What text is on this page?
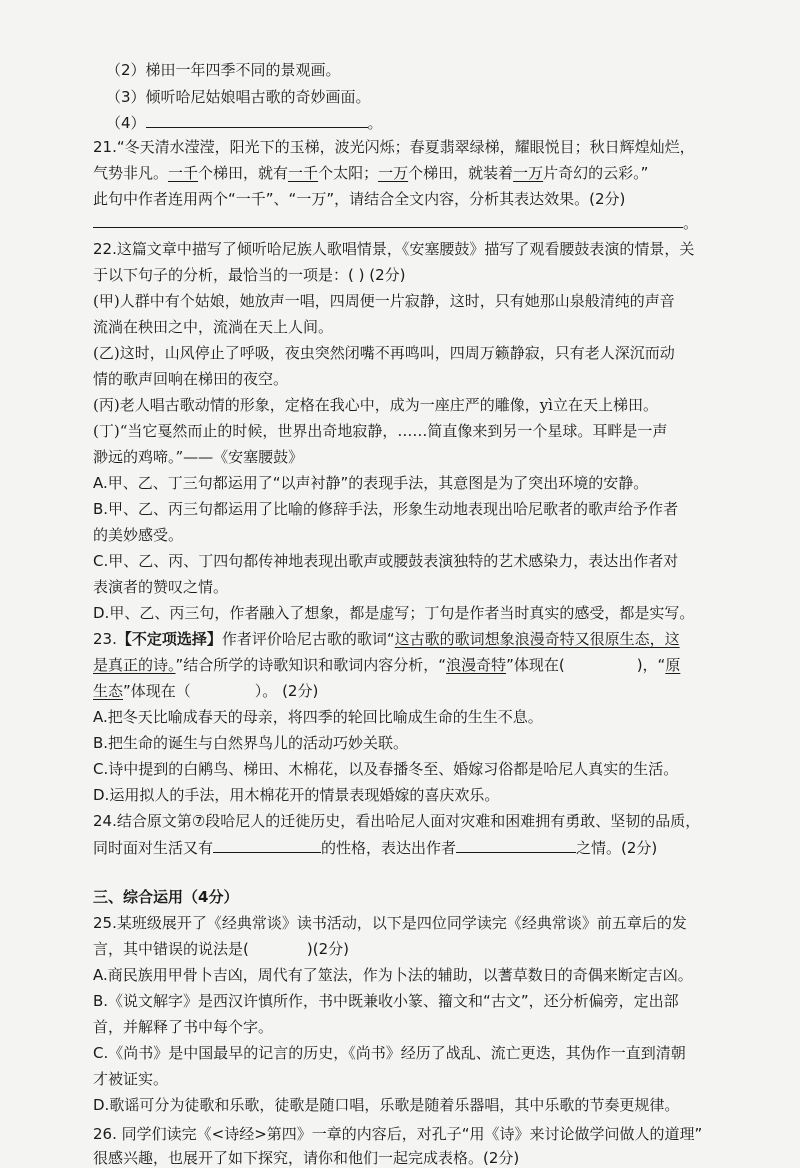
（2）梯田一年四季不同的景观画。
（3）倾听哈尼姑娘唱古歌的奇妙画面。
（4）	。
21.“冬天清水滢滢，阳光下的玉梯，波光闪烁；春夏翡翠绿梯，耀眼悦目；秋日辉煌灿烂，
气势非凡。一千个梯田，就有一千个太阳；一万个梯田，就装着一万片奇幻的云彩。”
此句中作者连用两个“一千”、“一万”，请结合全文内容，分析其表达效果。(2分)
。
22.这篇文章中描写了倾听哈尼族人歌唱情景，《安塞腰鼓》描写了观看腰鼓表演的情景，关
于以下句子的分析，最恰当的一项是：( ) (2分)
(甲)人群中有个姑娘，她放声一唱，四周便一片寂静，这时，只有她那山泉般清纯的声音
流淌在秧田之中，流淌在天上人间。
(乙)这时，山风停止了呼吸，夜虫突然闭嘴不再鸣叫，四周万籁静寂，只有老人深沉而动
情的歌声回响在梯田的夜空。
(丙)老人唱古歌动情的形象，定格在我心中，成为一座庄严的雕像，yì立在天上梯田。
(丁)“当它戛然而止的时候，世界出奇地寂静，……简直像来到另一个星球。耳畔是一声
渺远的鸡啼。”——《安塞腰鼓》
A.甲、乙、丁三句都运用了“以声衬静”的表现手法，其意图是为了突出环境的安静。
B.甲、乙、丙三句都运用了比喻的修辞手法，形象生动地表现出哈尼歌者的歌声给予作者
的美妙感受。
C.甲、乙、丙、丁四句都传神地表现出歌声或腰鼓表演独特的艺术感染力，表达出作者对
表演者的赞叹之情。
D.甲、乙、丙三句，作者融入了想象，都是虚写；丁句是作者当时真实的感受，都是实写。
23.【不定项选择】作者评价哈尼古歌的歌词“这古歌的歌词想象浪漫奇特又很原生态，这
是真正的诗。”结合所学的诗歌知识和歌词内容分析，“浪漫奇特”体现在(	)，“原
生态”体现在（	）。 (2分)
A.把冬天比喻成春天的母亲，将四季的轮回比喻成生命的生生不息。
B.把生命的诞生与白然界鸟儿的活动巧妙关联。
C.诗中提到的白鹇鸟、梯田、木棉花，以及春播冬至、婚嫁习俗都是哈尼人真实的生活。
D.运用拟人的手法，用木棉花开的情景表现婚嫁的喜庆欢乐。
24.结合原文第⑦段哈尼人的迁徙历史，看出哈尼人面对灾难和困难拥有勇敢、坚韧的品质，
同时面对生活又有	的性格，表达出作者	之情。(2分)
三、综合运用（4分）
25.某班级展开了《经典常谈》读书活动，以下是四位同学读完《经典常谈》前五章后的发
言，其中错误的说法是(	)(2分)
A.商民族用甲骨卜吉凶，周代有了筮法，作为卜法的辅助，以蓍草数日的奇偶来断定吉凶。
B.《说文解字》是西汉许慎所作，书中既兼收小篆、籀文和“古文”，还分析偏旁，定出部
首，并解释了书中每个字。
C.《尚书》是中国最早的记言的历史，《尚书》经历了战乱、流亡更迭，其伪作一直到清朝
才被证实。
D.歌谣可分为徒歌和乐歌，徒歌是随口唱，乐歌是随着乐器唱，其中乐歌的节奏更规律。
26. 同学们读完《<诗经>第四》一章的内容后，对孔子“用《诗》来讨论做学问做人的道理”
很感兴趣，也展开了如下探究，请你和他们一起完成表格。(2分)
